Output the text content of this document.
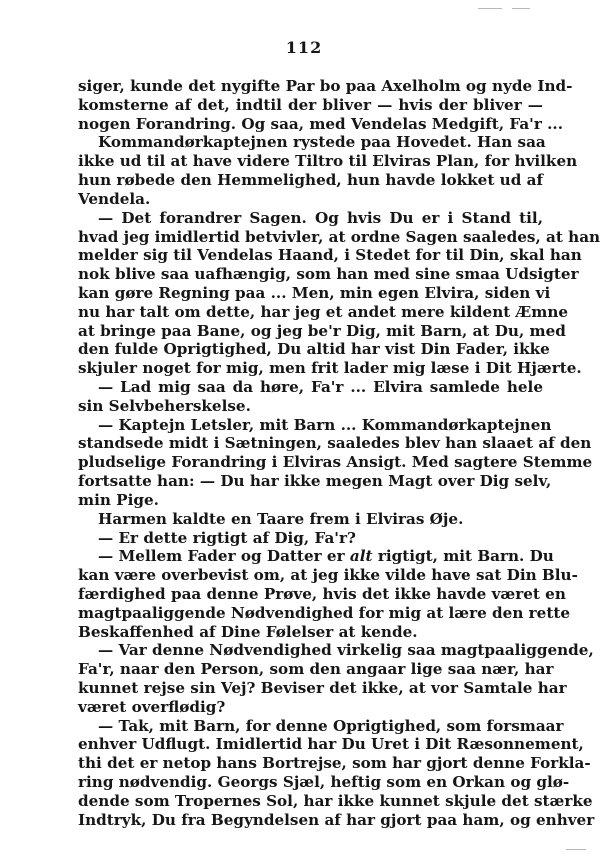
112
siger, kunde det nygifte Par bo paa Axelholm og nyde Ind-
komsterne af det, indtil der bliver — hvis der bliver —
nogen Forandring. Og saa, med Vendelas Medgift, Fa'r ...
Kommandørkaptejnen rystede paa Hovedet. Han saa
ikke ud til at have videre Tiltro til Elviras Plan, for hvilken
hun røbede den Hemmelighed, hun havde lokket ud af
Vendela.
— Det forandrer Sagen. Og hvis Du er i Stand til,
hvad jeg imidlertid betvivler, at ordne Sagen saaledes, at han
melder sig til Vendelas Haand, i Stedet for til Din, skal han
nok blive saa uafhængig, som han med sine smaa Udsigter
kan gøre Regning paa ... Men, min egen Elvira, siden vi
nu har talt om dette, har jeg et andet mere kildent Æmne
at bringe paa Bane, og jeg be'r Dig, mit Barn, at Du, med
den fulde Oprigtighed, Du altid har vist Din Fader, ikke
skjuler noget for mig, men frit lader mig læse i Dit Hjærte.
— Lad mig saa da høre, Fa'r ... Elvira samlede hele
sin Selvbeherskelse.
— Kaptejn Letsler, mit Barn ... Kommandørkaptejnen
standsede midt i Sætningen, saaledes blev han slaaet af den
pludselige Forandring i Elviras Ansigt. Med sagtere Stemme
fortsatte han: — Du har ikke megen Magt over Dig selv,
min Pige.
Harmen kaldte en Taare frem i Elviras Øje.
— Er dette rigtigt af Dig, Fa'r?
— Mellem Fader og Datter er alt rigtigt, mit Barn. Du
kan være overbevist om, at jeg ikke vilde have sat Din Blu-
færdighed paa denne Prøve, hvis det ikke havde været en
magtpaaliggende Nødvendighed for mig at lære den rette
Beskaffenhed af Dine Følelser at kende.
— Var denne Nødvendighed virkelig saa magtpaaliggende,
Fa'r, naar den Person, som den angaar lige saa nær, har
kunnet rejse sin Vej? Beviser det ikke, at vor Samtale har
været overflødig?
— Tak, mit Barn, for denne Oprigtighed, som forsmaar
enhver Udflugt. Imidlertid har Du Uret i Dit Ræsonnement,
thi det er netop hans Bortrejse, som har gjort denne Forkla-
ring nødvendig. Georgs Sjæl, heftig som en Orkan og glø-
dende som Tropernes Sol, har ikke kunnet skjule det stærke
Indtryk, Du fra Begyndelsen af har gjort paa ham, og enhver
